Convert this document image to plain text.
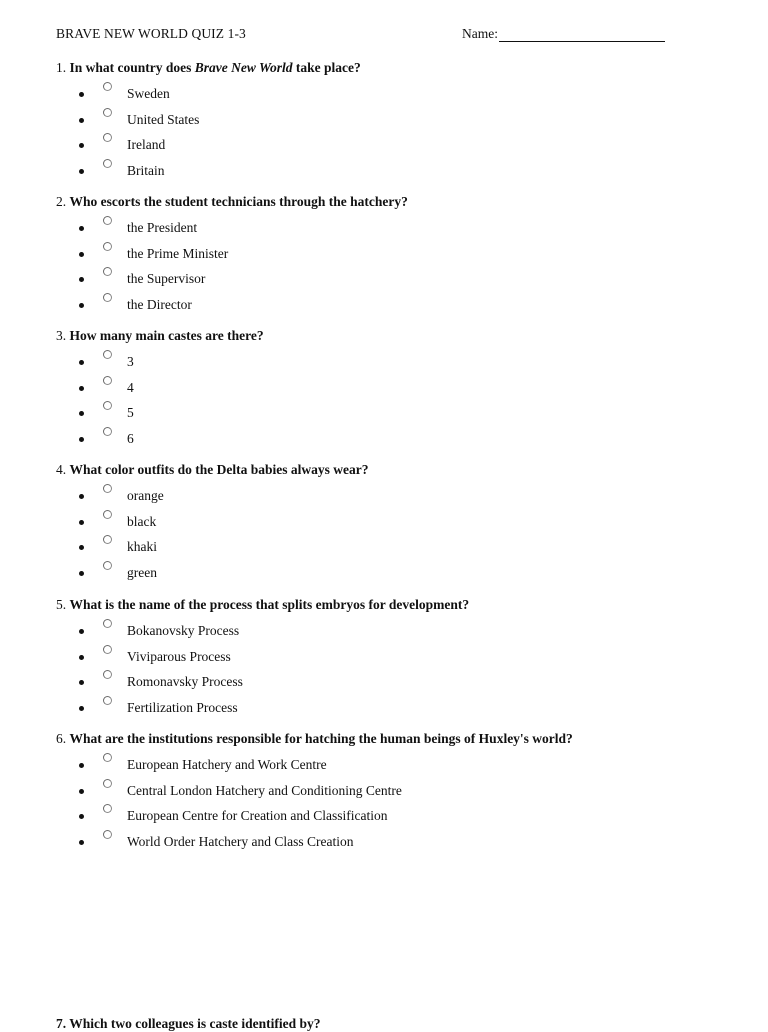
BRAVE NEW WORLD QUIZ 1-3	Name:
1. In what country does Brave New World take place?
Sweden
United States
Ireland
Britain
2. Who escorts the student technicians through the hatchery?
the President
the Prime Minister
the Supervisor
the Director
3. How many main castes are there?
3
4
5
6
4. What color outfits do the Delta babies always wear?
orange
black
khaki
green
5. What is the name of the process that splits embryos for development?
Bokanovsky Process
Viviparous Process
Romonavsky Process
Fertilization Process
6. What are the institutions responsible for hatching the human beings of Huxley's world?
European Hatchery and Work Centre
Central London Hatchery and Conditioning Centre
European Centre for Creation and Classification
World Order Hatchery and Class Creation
7. Which two colleagues is caste identified by?
